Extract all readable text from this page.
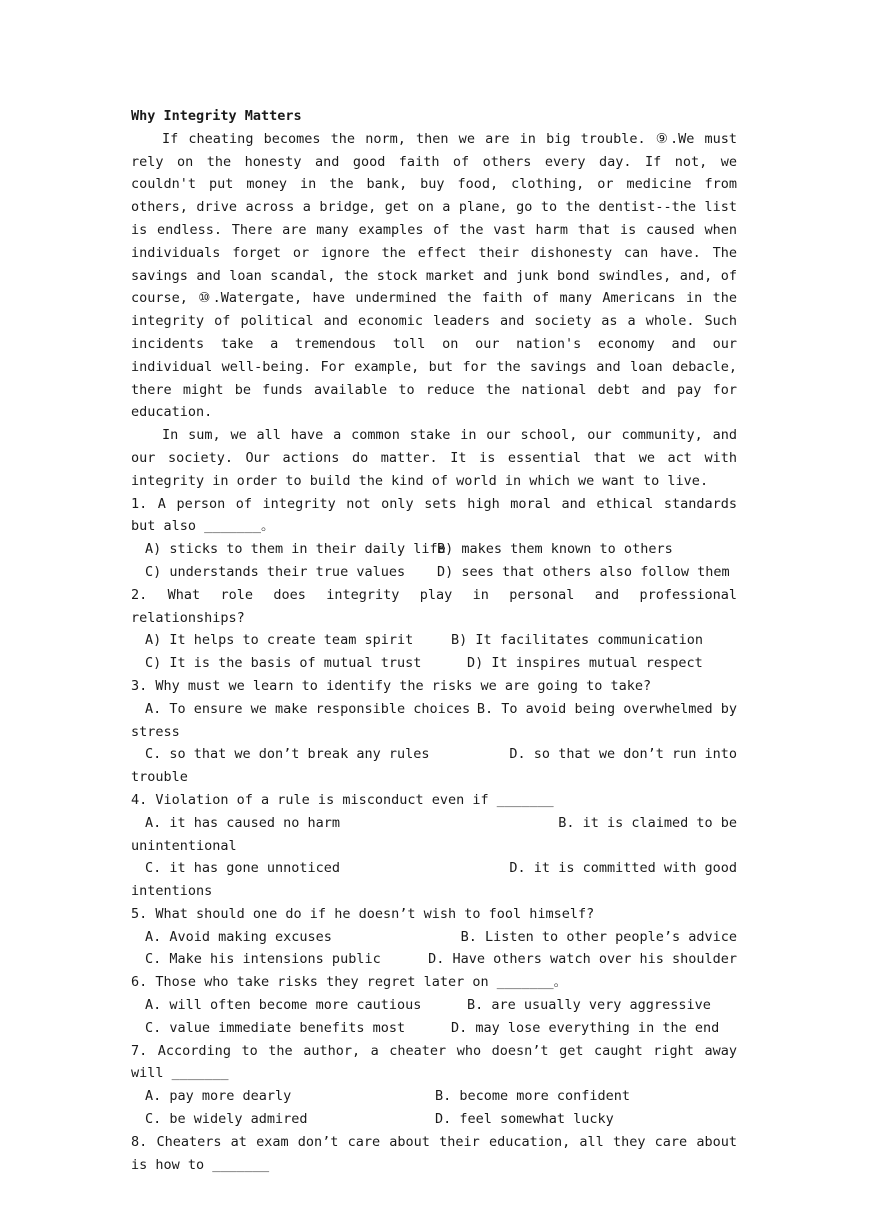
Why Integrity Matters

If cheating becomes the norm, then we are in big trouble. ⑨.We must rely on the honesty and good faith of others every day. If not, we couldn't put money in the bank, buy food, clothing, or medicine from others, drive across a bridge, get on a plane, go to the dentist--the list is endless. There are many examples of the vast harm that is caused when individuals forget or ignore the effect their dishonesty can have. The savings and loan scandal, the stock market and junk bond swindles, and, of course, ⑩.Watergate, have undermined the faith of many Americans in the integrity of political and economic leaders and society as a whole. Such incidents take a tremendous toll on our nation's economy and our individual well-being. For example, but for the savings and loan debacle, there might be funds available to reduce the national debt and pay for education.

In sum, we all have a common stake in our school, our community, and our society. Our actions do matter. It is essential that we act with integrity in order to build the kind of world in which we want to live.

1. A person of integrity not only sets high moral and ethical standards but also _______。

A) sticks to them in their daily life
B) makes them known to others
C) understands their true values	D) sees that others also follow them

2. What role does integrity play in personal and professional relationships?

A) It helps to create team spirit	B) It facilitates communication
C) It is the basis of mutual trust	D) It inspires mutual respect

3. Why must we learn to identify the risks we are going to take?

A. To ensure we make responsible choices B. To avoid being overwhelmed by

stress

C. so that we don’t break any rules	D. so that we don’t run into

trouble

4. Violation of a rule is misconduct even if _______

A. it has caused no harm	B. it is claimed to be

unintentional

C. it has gone unnoticed	D. it is committed with good

intentions

5. What should one do if he doesn’t wish to fool himself?

A. Avoid making excuses	B. Listen to other people’s advice
C. Make his intensions public	D. Have others watch over his shoulder

6. Those who take risks they regret later on _______。

A. will often become more cautious	B. are usually very aggressive
C. value immediate benefits most	D. may lose everything in the end

7. According to the author, a cheater who doesn’t get caught right away will _______

A. pay more dearly	B. become more confident
C. be widely admired	D. feel somewhat lucky

8. Cheaters at exam don’t care about their education, all they care about is how to _______
